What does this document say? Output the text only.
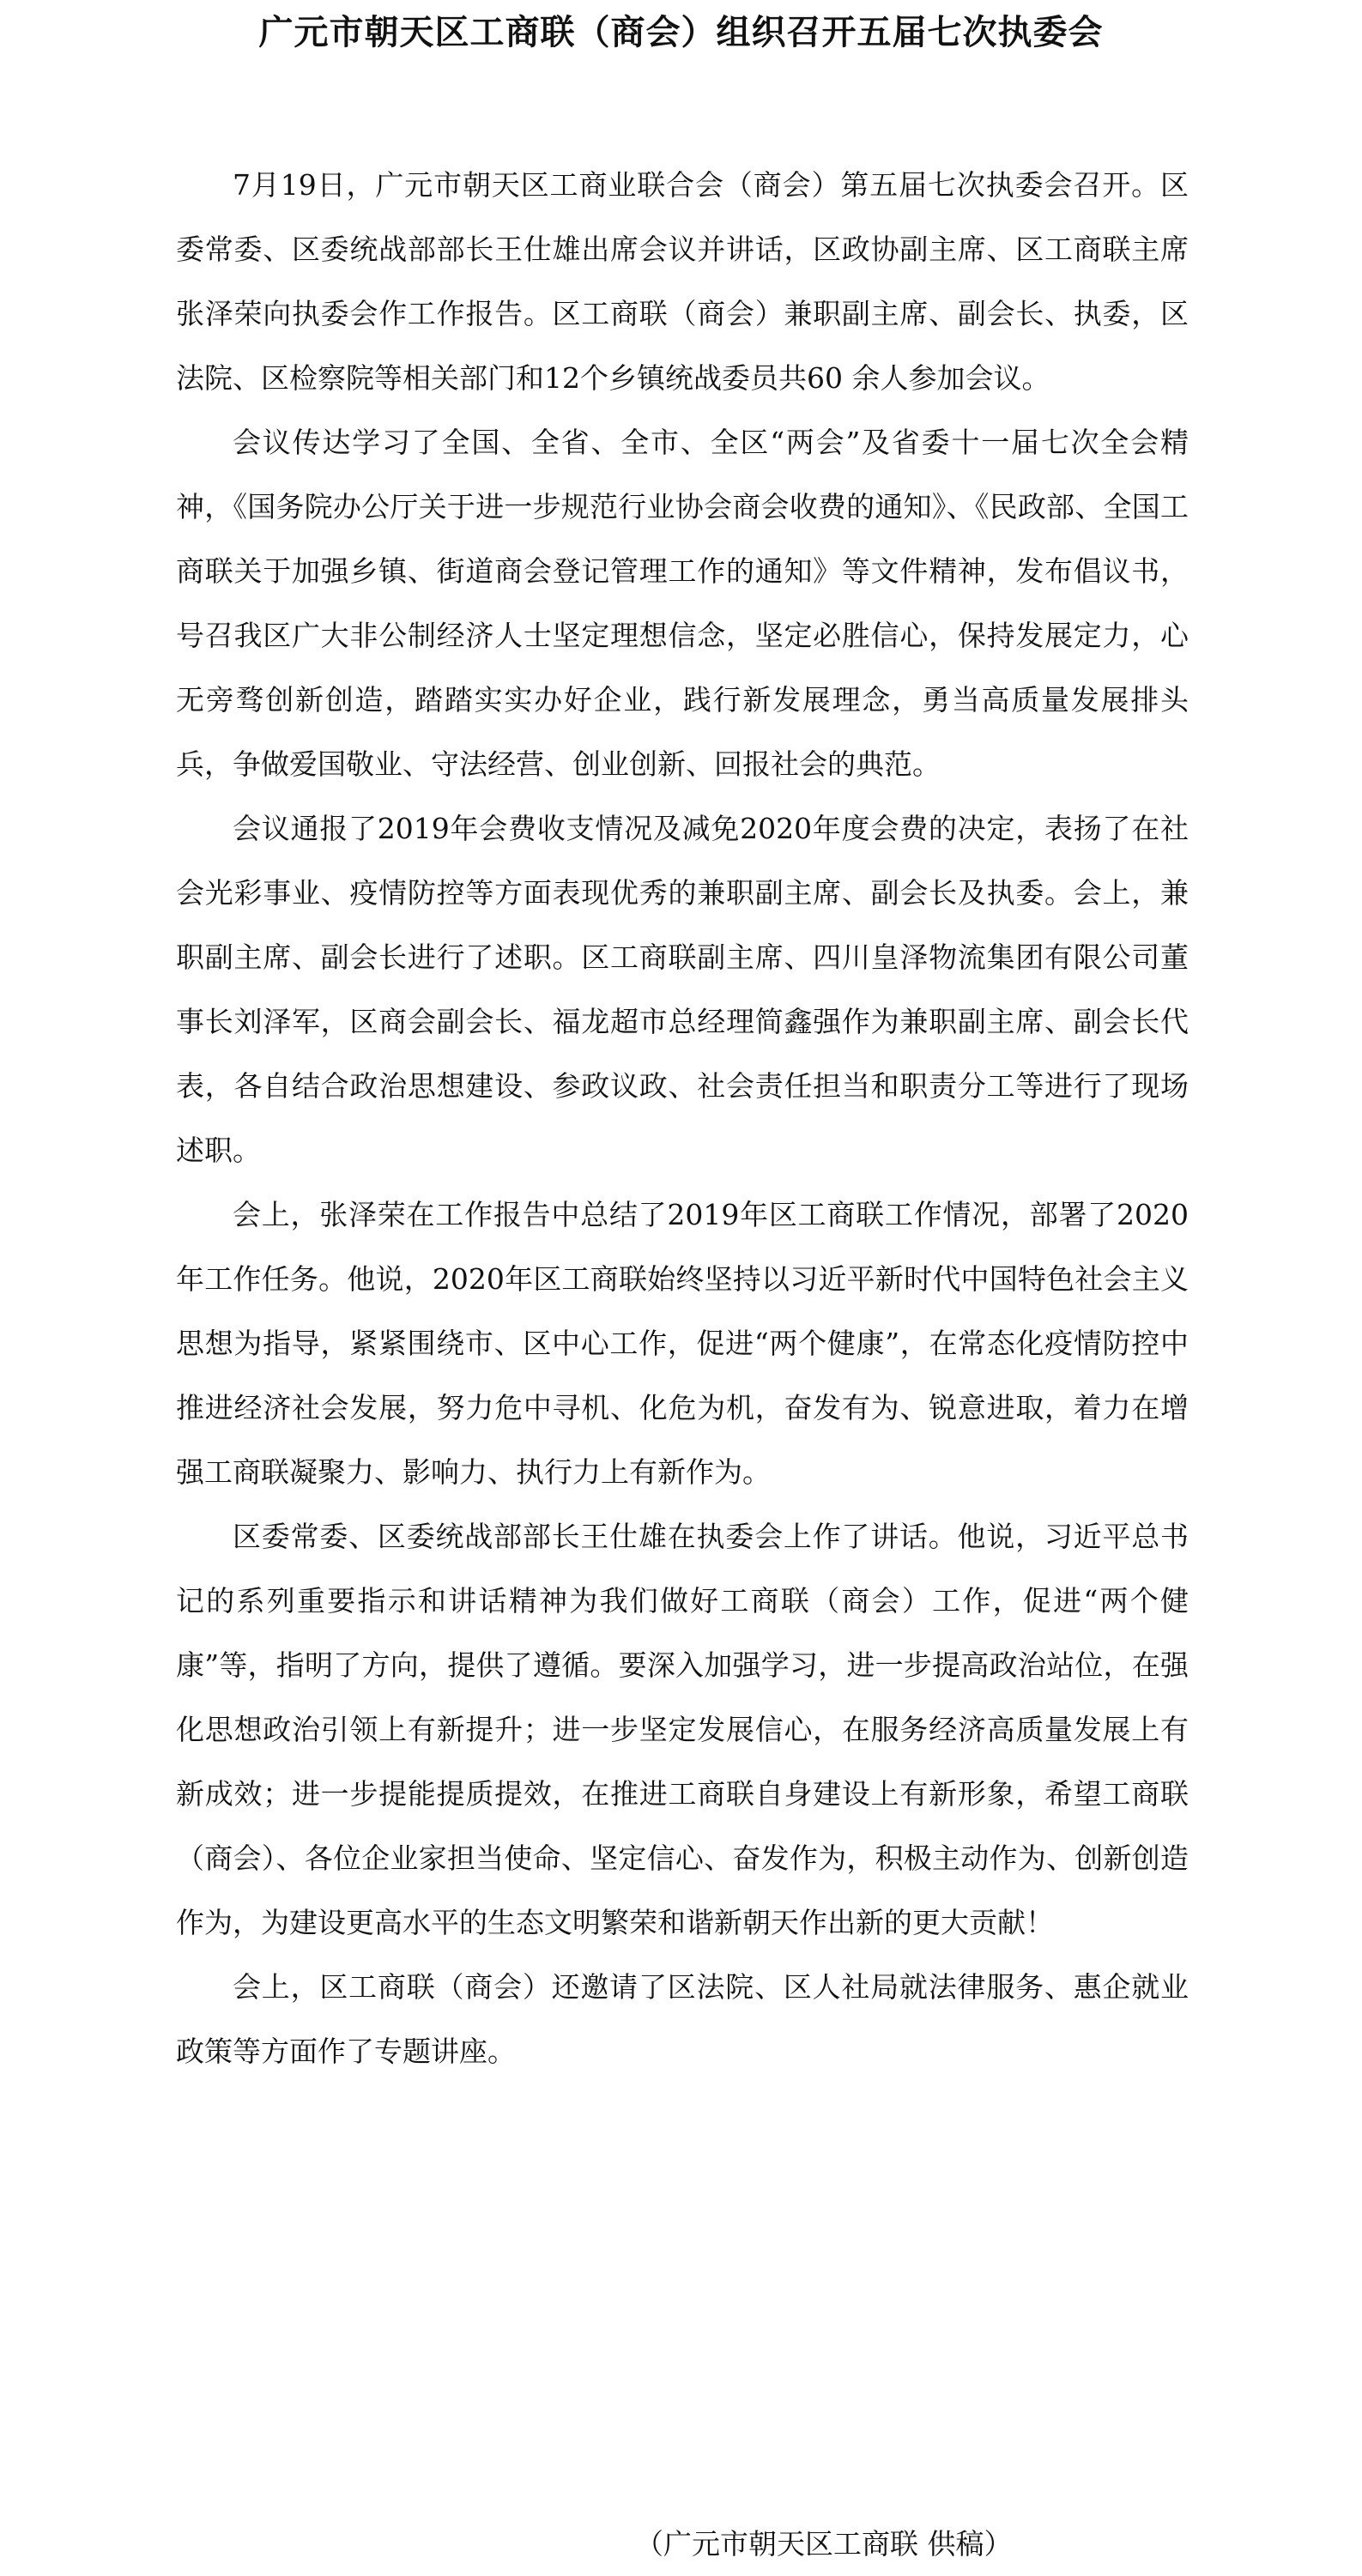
广元市朝天区工商联（商会）组织召开五届七次执委会

7月19日，广元市朝天区工商业联合会（商会）第五届七次执委会召开。区委常委、区委统战部部长王仕雄出席会议并讲话，区政协副主席、区工商联主席张泽荣向执委会作工作报告。区工商联（商会）兼职副主席、副会长、执委，区法院、区检察院等相关部门和12个乡镇统战委员共60 余人参加会议。

会议传达学习了全国、全省、全市、全区“两会”及省委十一届七次全会精神，《国务院办公厅关于进一步规范行业协会商会收费的通知》、《民政部、全国工商联关于加强乡镇、街道商会登记管理工作的通知》等文件精神，发布倡议书，号召我区广大非公制经济人士坚定理想信念，坚定必胜信心，保持发展定力，心无旁骛创新创造，踏踏实实办好企业，践行新发展理念，勇当高质量发展排头兵，争做爱国敬业、守法经营、创业创新、回报社会的典范。

会议通报了2019年会费收支情况及减免2020年度会费的决定，表扬了在社会光彩事业、疫情防控等方面表现优秀的兼职副主席、副会长及执委。会上，兼职副主席、副会长进行了述职。区工商联副主席、四川皇泽物流集团有限公司董事长刘泽军，区商会副会长、福龙超市总经理简鑫强作为兼职副主席、副会长代表，各自结合政治思想建设、参政议政、社会责任担当和职责分工等进行了现场述职。

会上，张泽荣在工作报告中总结了2019年区工商联工作情况，部署了2020年工作任务。他说，2020年区工商联始终坚持以习近平新时代中国特色社会主义思想为指导，紧紧围绕市、区中心工作，促进“两个健康”，在常态化疫情防控中推进经济社会发展，努力危中寻机、化危为机，奋发有为、锐意进取，着力在增强工商联凝聚力、影响力、执行力上有新作为。

区委常委、区委统战部部长王仕雄在执委会上作了讲话。他说，习近平总书记的系列重要指示和讲话精神为我们做好工商联（商会）工作，促进“两个健康”等，指明了方向，提供了遵循。要深入加强学习，进一步提高政治站位，在强化思想政治引领上有新提升；进一步坚定发展信心，在服务经济高质量发展上有新成效；进一步提能提质提效，在推进工商联自身建设上有新形象，希望工商联（商会）、各位企业家担当使命、坚定信心、奋发作为，积极主动作为、创新创造作为，为建设更高水平的生态文明繁荣和谐新朝天作出新的更大贡献！

会上，区工商联（商会）还邀请了区法院、区人社局就法律服务、惠企就业政策等方面作了专题讲座。

（广元市朝天区工商联 供稿）
